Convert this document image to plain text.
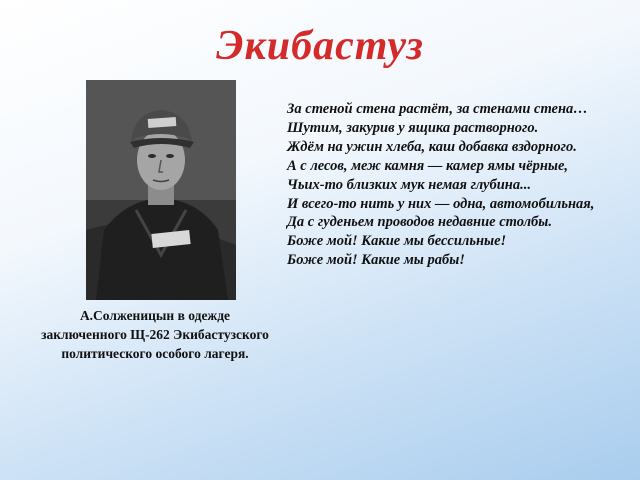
Экибастуз
А.Солженицын в одежде заключенного Щ-262 Экибастузского политического особого лагеря.
За стеной стена растёт, за стенами стена…
Шутим, закурив у ящика растворного.
Ждём на ужин хлеба, каш добавка вздорного.
А с лесов, меж камня — камер ямы чёрные,
Чьих-то близких мук немая глубина...
И всего-то нить у них — одна, автомобильная,
Да с гуденьем проводов недавние столбы.
Боже мой! Какие мы бессильные!
Боже мой! Какие мы рабы!
